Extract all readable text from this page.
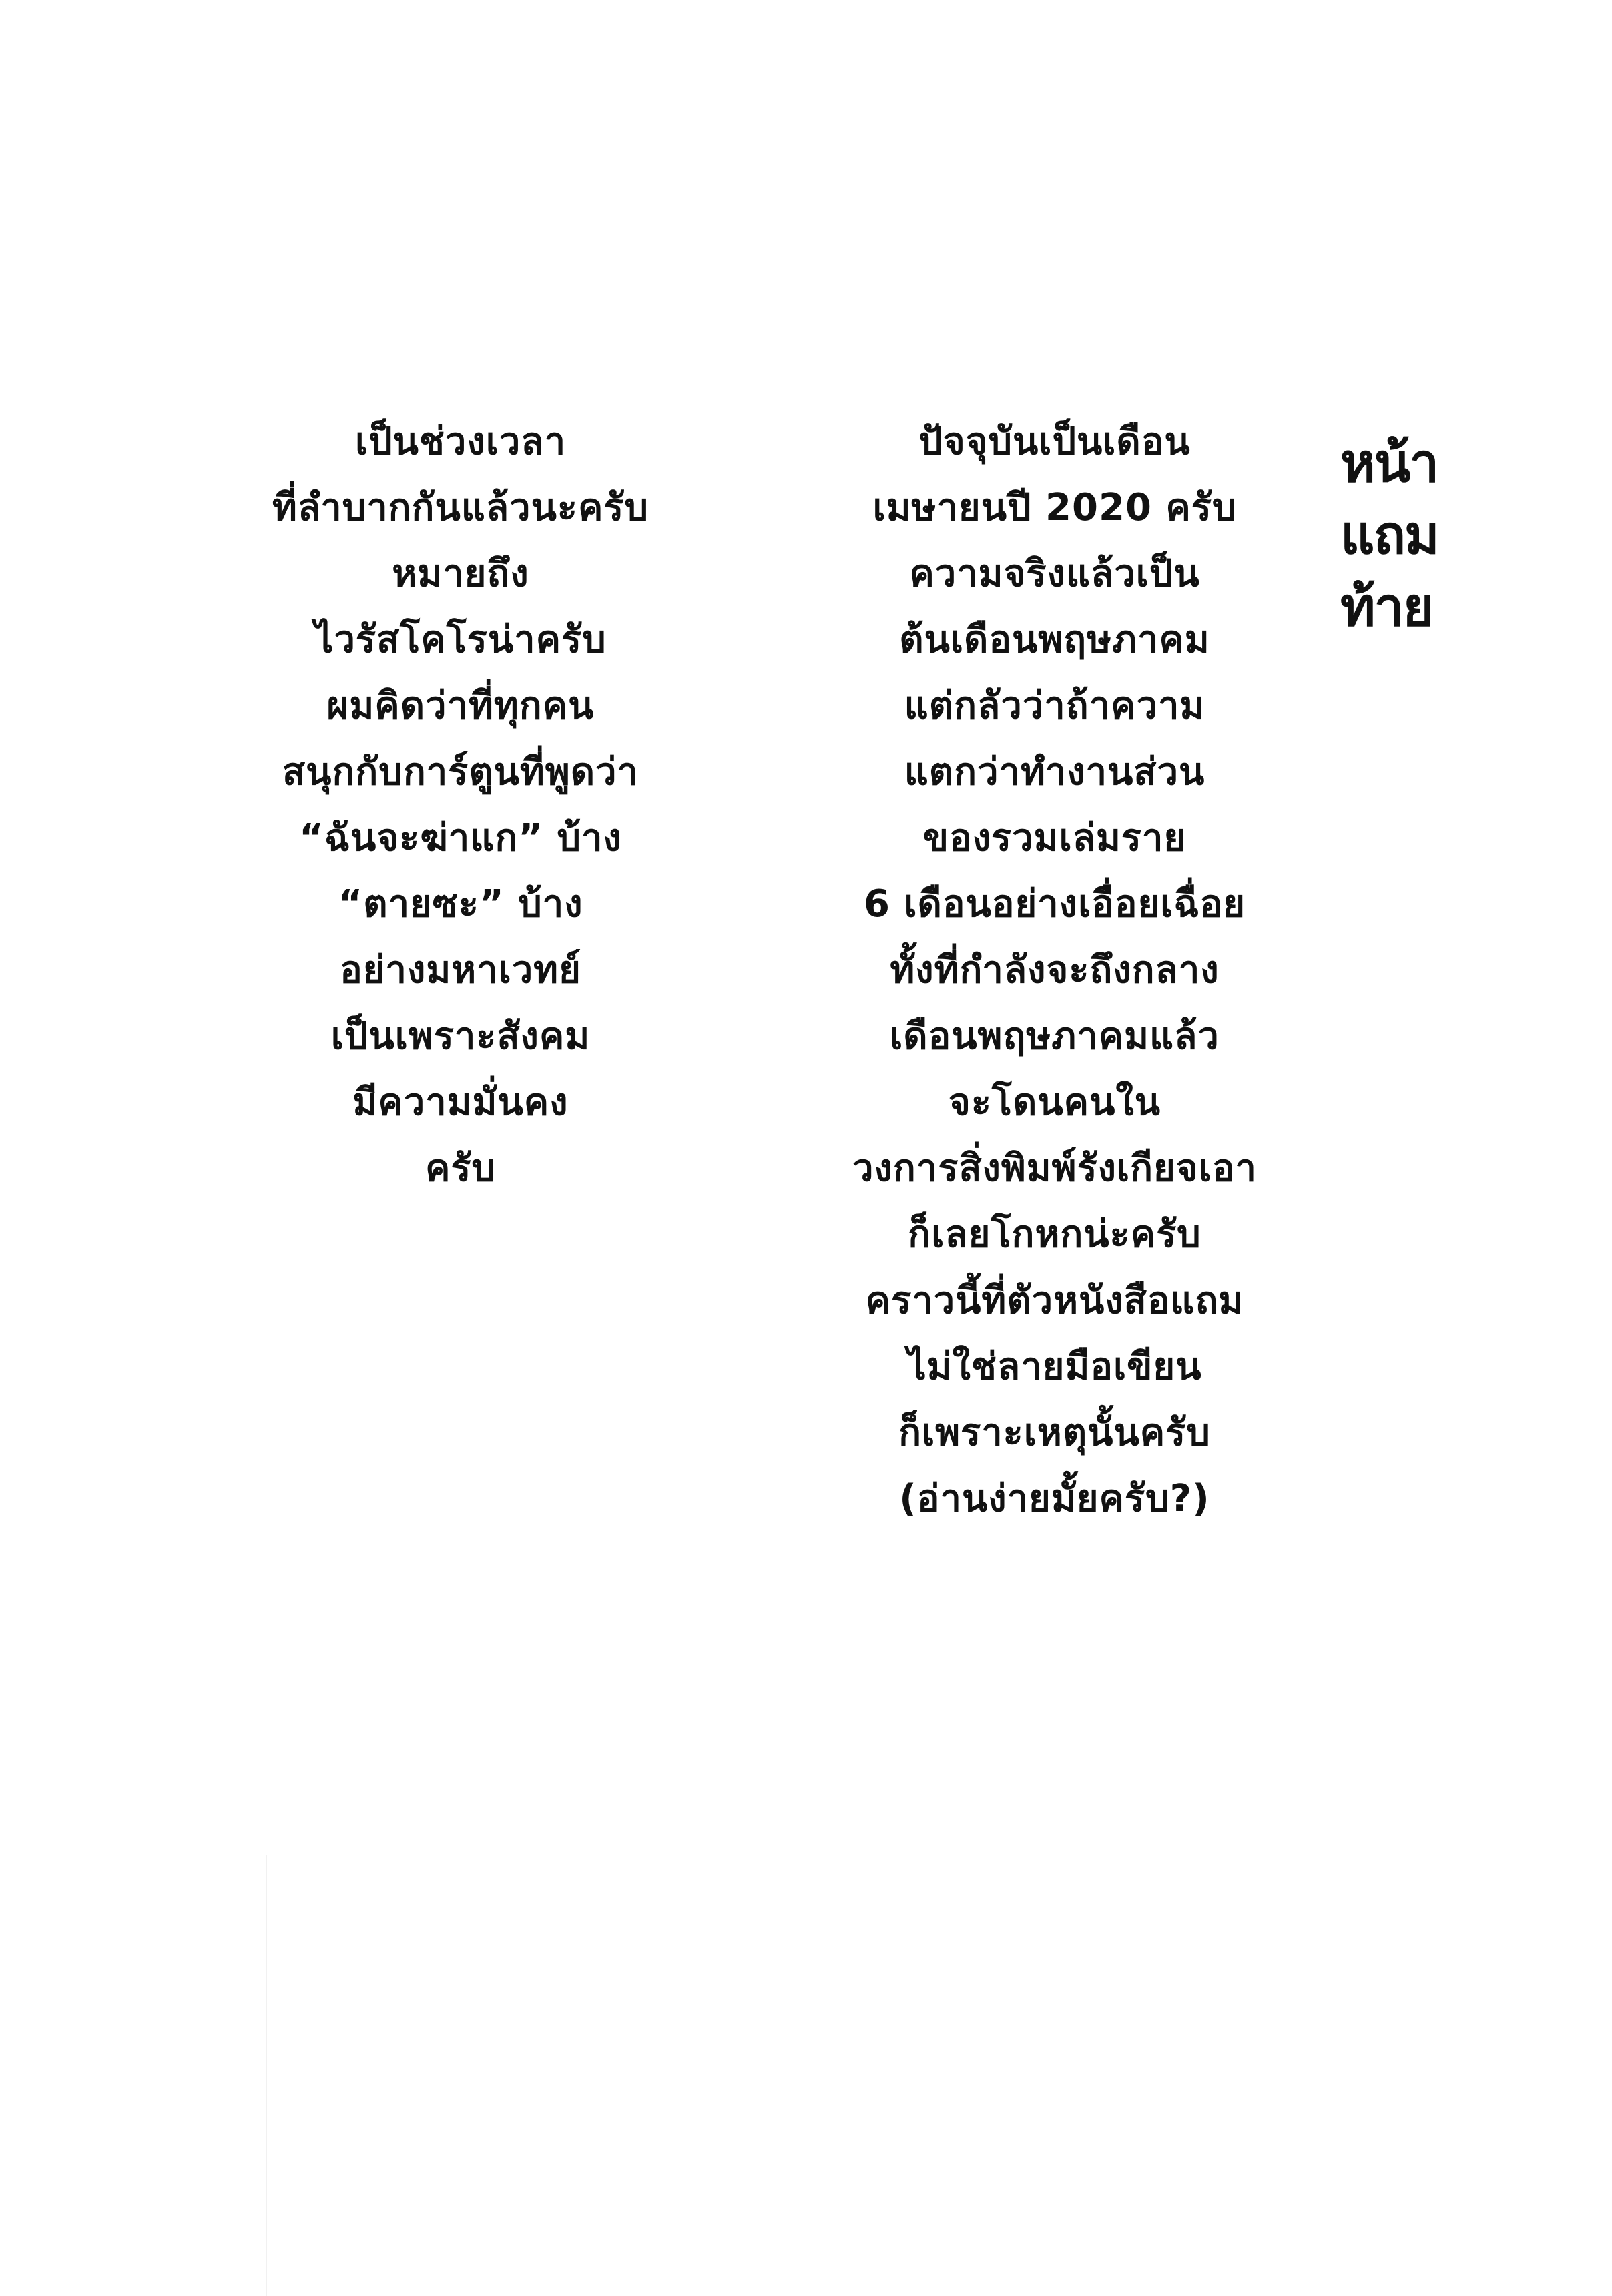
หน้า
แถม
ท้าย
ปัจจุบันเป็นเดือน
เมษายนปี 2020 ครับ
ความจริงแล้วเป็น
ต้นเดือนพฤษภาคม
แต่กลัวว่าถ้าความ
แตกว่าทำงานส่วน
ของรวมเล่มราย
6 เดือนอย่างเอื่อยเฉื่อย
ทั้งที่กำลังจะถึงกลาง
เดือนพฤษภาคมแล้ว
จะโดนคนใน
วงการสิ่งพิมพ์รังเกียจเอา
ก็เลยโกหกน่ะครับ
คราวนี้ที่ตัวหนังสือแถม
ไม่ใช่ลายมือเขียน
ก็เพราะเหตุนั้นครับ
(อ่านง่ายมั้ยครับ?)
เป็นช่วงเวลา
ที่ลำบากกันแล้วนะครับ
หมายถึง
ไวรัสโคโรน่าครับ
ผมคิดว่าที่ทุกคน
สนุกกับการ์ตูนที่พูดว่า
“ฉันจะฆ่าแก” บ้าง
“ตายซะ” บ้าง
อย่างมหาเวทย์
เป็นเพราะสังคม
มีความมั่นคง
ครับ
